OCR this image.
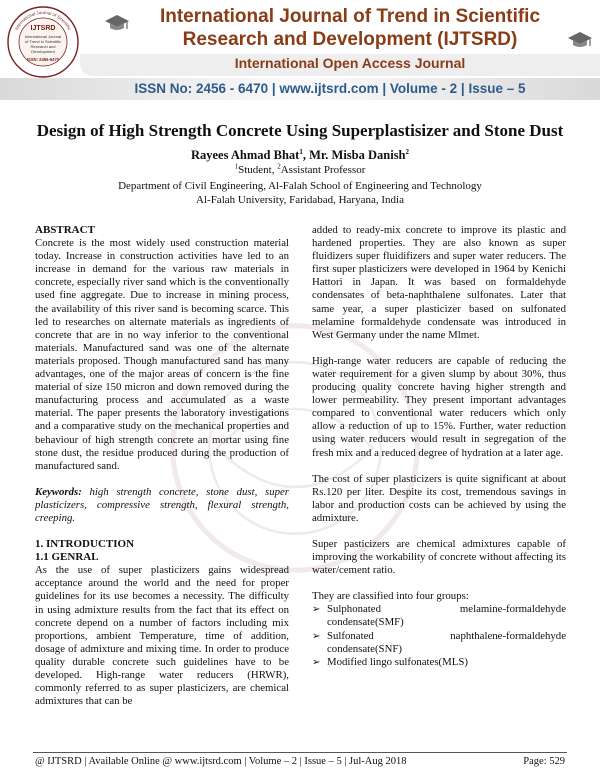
International Journal of Scientific
IJTSRD
International Journal
of Trend in Scientific
Research and
Development
ISSN: 2456-6470
International Journal of Trend in Scientific
Research and Development (IJTSRD)
International Open Access Journal
ISSN No: 2456 - 6470 | www.ijtsrd.com | Volume - 2 | Issue – 5
Design of High Strength Concrete Using Superplastisizer and Stone Dust
Rayees Ahmad Bhat$^1$, Mr. Misba Danish$^2$
$^1$Student, $^2$Assistant Professor
Department of Civil Engineering, Al-Falah School of Engineering and Technology
Al-Falah University, Faridabad, Haryana, India
ABSTRACT

Concrete is the most widely used construction material today. Increase in construction activities have led to an increase in demand for the various raw materials in concrete, especially river sand which is the conventionally used fine aggregate. Due to increase in mining process, the availability of this river sand is becoming scarce. This led to researches on alternate materials as ingredients of concrete that are in no way inferior to the conventional materials. Manufactured sand was one of the alternate materials proposed. Though manufactured sand has many advantages, one of the major areas of concern is the fine material of size 150 micron and down removed during the manufacturing process and accumulated as a waste material. The paper presents the laboratory investigations and a comparative study on the mechanical properties and behaviour of high strength concrete an mortar using fine stone dust, the residue produced during the production of manufactured sand.

Keywords: high strength concrete, stone dust, super plasticizers, compressive strength, flexural strength, creeping.

1. INTRODUCTION
1.1 GENRAL

As the use of super plasticizers gains widespread acceptance around the world and the need for proper guidelines for its use becomes a necessity. The difficulty in using admixture results from the fact that its effect on concrete depend on a number of factors including mix proportions, ambient Temperature, time of addition, dosage of admixture and mixing time. In order to produce quality durable concrete such guidelines have to be developed. High-range water reducers (HRWR), commonly referred to as super plasticizers, are chemical admixtures that can be

added to ready-mix concrete to improve its plastic and hardened properties. They are also known as super fluidizers super fluidifizers and super water reducers. The first super plasticizers were developed in 1964 by Kenichi Hattori in Japan. It was based on formaldehyde condensates of beta-naphthalene sulfonates. Later that same year, a super plasticizer based on sulfonated melamine formaldehyde condensate was introduced in West Germany under the name Mlmet.

High-range water reducers are capable of reducing the water requirement for a given slump by about 30%, thus producing quality concrete having higher strength and lower permeability. They present important advantages compared to conventional water reducers which only allow a reduction of up to 15%. Further, water reduction using water reducers would result in segregation of the fresh mix and a reduced degree of hydration at a later age.

The cost of super plasticizers is quite significant at about Rs.120 per liter. Despite its cost, tremendous savings in labor and production costs can be achieved by using the admixture.

Super pasticizers are chemical admixtures capable of improving the workability of concrete without affecting its water/cement ratio.

They are classified into four groups:

➢ Sulphonated	melamine-formaldehyde
condensate(SMF)
➢ Sulfonated	naphthalene-formaldehyde
condensate(SNF)
➢ Modified lingo sulfonates(MLS)
@ IJTSRD | Available Online @ www.ijtsrd.com | Volume – 2 | Issue – 5 | Jul-Aug 2018	Page: 529
